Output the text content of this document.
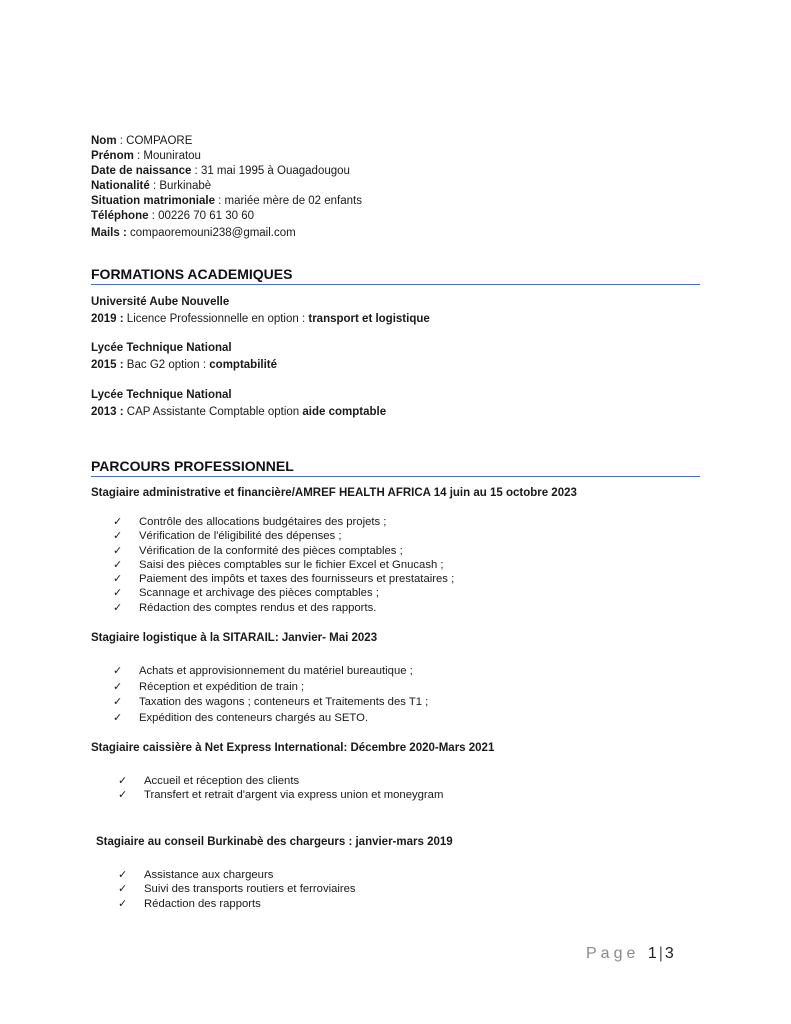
Nom : COMPAORE
Prénom : Mouniratou
Date de naissance : 31 mai 1995 à Ouagadougou
Nationalité : Burkinabè
Situation matrimoniale : mariée mère de 02 enfants
Téléphone : 00226 70 61 30 60
Mails : compaoremouni238@gmail.com
FORMATIONS ACADEMIQUES
Université Aube Nouvelle
2019 : Licence Professionnelle en option : transport et logistique
Lycée Technique National
2015 : Bac G2 option : comptabilité
Lycée Technique National
2013 : CAP Assistante Comptable option aide comptable
PARCOURS PROFESSIONNEL
Stagiaire administrative et financière/AMREF HEALTH AFRICA 14 juin au 15 octobre 2023
✓	Contrôle des allocations budgétaires des projets ;
✓	Vérification de l'éligibilité des dépenses ;
✓	Vérification de la conformité des pièces comptables ;
✓	Saisi des pièces comptables sur le fichier Excel et Gnucash ;
✓	Paiement des impôts et taxes des fournisseurs et prestataires ;
✓	Scannage et archivage des pièces comptables ;
✓	Rédaction des comptes rendus et des rapports.
Stagiaire logistique à la SITARAIL: Janvier- Mai 2023
✓	Achats et approvisionnement du matériel bureautique ;
✓	Réception et expédition de train ;
✓	Taxation des wagons ; conteneurs et Traitements des T1 ;
✓	Expédition des conteneurs chargés au SETO.
Stagiaire caissière à Net Express International: Décembre 2020-Mars 2021
✓	Accueil et réception des clients
✓	Transfert et retrait d'argent via express union et moneygram
Stagiaire au conseil Burkinabè des chargeurs : janvier-mars 2019
✓	Assistance aux chargeurs
✓	Suivi des transports routiers et ferroviaires
✓	Rédaction des rapports
Page 1|3
